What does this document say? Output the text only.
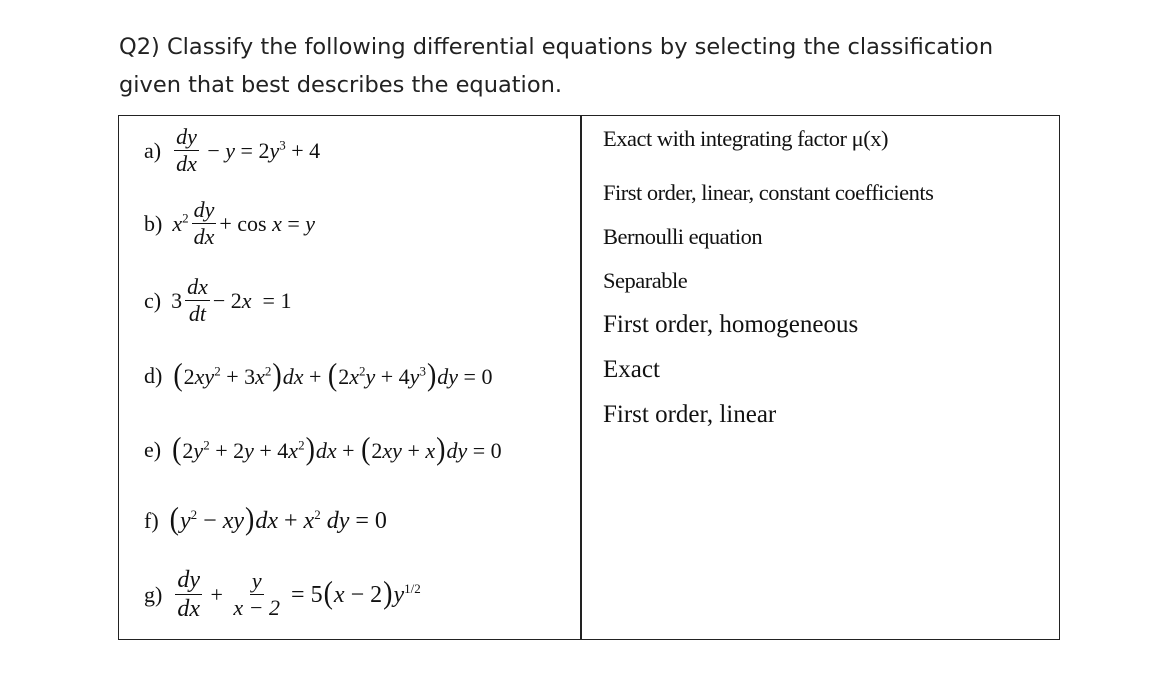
Q2) Classify the following differential equations by selecting the classification
given that best describes the equation.
$a) \frac{dy}{dx} - y = 2y^3 + 4$
b) $x^2 \frac{dy}{dx} + \cos x = y$
c) $3 \frac{dx}{dt} - 2x = 1$
d) $(2xy^2 + 3x^2)dx + (2x^2y + 4y^3)dy = 0$
e) $(2y^2 + 2y + 4x^2)dx + (2xy + x)dy = 0$
f) $(y^2 - xy)dx + x^2$ dy = 0
$g) \frac{dy}{dx} + \frac{y}{x - 2} = 5(x - 2)y^{1/2}$
Exact with integrating factor μ(x)
First order, linear, constant coefficients
Bernoulli equation
Separable
First order, homogeneous
Exact
First order, linear
